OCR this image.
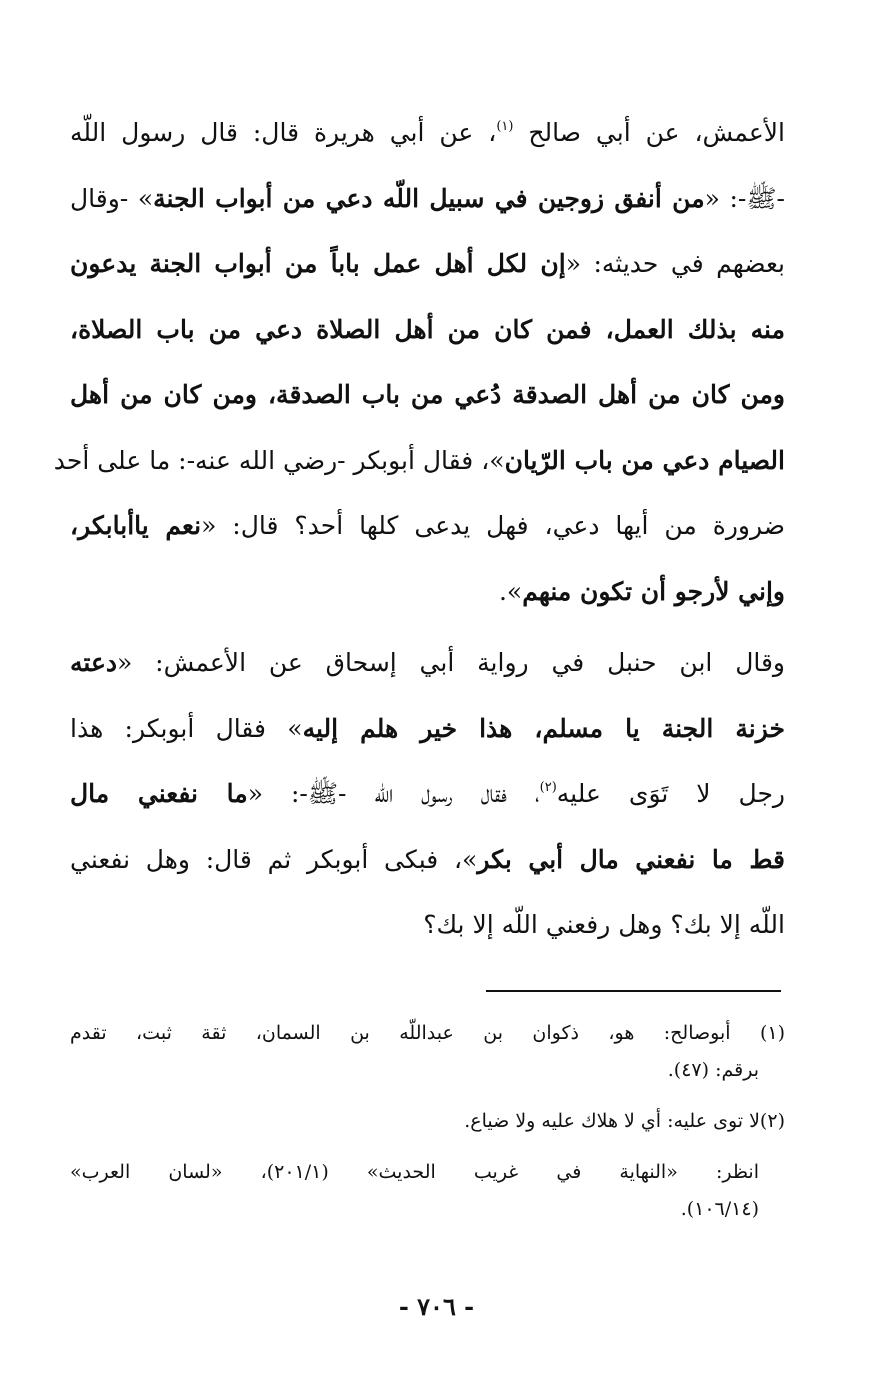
الأعمش، عن أبي صالح $^{(١)}$، عن أبي هريرة قال: قال رسول اللّه
-ﷺ-: «من أنفق زوجين في سبيل اللّه دعي من أبواب الجنة» -وقال
بعضهم في حديثه: «إن لكل أهل عمل باباً من أبواب الجنة يدعون
منه بذلك العمل، فمن كان من أهل الصلاة دعي من باب الصلاة،
ومن كان من أهل الصدقة دُعي من باب الصدقة، ومن كان من أهل
الصيام دعي من باب الرّيان»، فقال أبوبكر -رضي الله عنه-: ما على أحد
ضرورة من أيها دعي، فهل يدعى كلها أحد؟ قال: «نعم ياأبابكر،
وإني لأرجو أن تكون منهم».
وقال ابن حنبل في رواية أبي إسحاق عن الأعمش: «دعته
خزنة الجنة يا مسلم، هذا خير هلم إليه» فقال أبوبكر: هذا
رجل لا تَوَى عليه$^{(٢)}$، فقال رسول اللّه -ﷺ-: «ما نفعني مال
قط ما نفعني مال أبي بكر»، فبكى أبوبكر ثم قال: وهل نفعني
اللّه إلا بك؟ وهل رفعني اللّه إلا بك؟
(١) أبوصالح: هو، ذكوان بن عبداللّه بن السمان، ثقة ثبت، تقدم
برقم: (٤٧).
(٢)لا توى عليه: أي لا هلاك عليه ولا ضياع.
انظر: «النهاية في غريب الحديث» (٢٠١/١)، «لسان العرب»
(١٠٦/١٤).
- ٧٠٦ -
